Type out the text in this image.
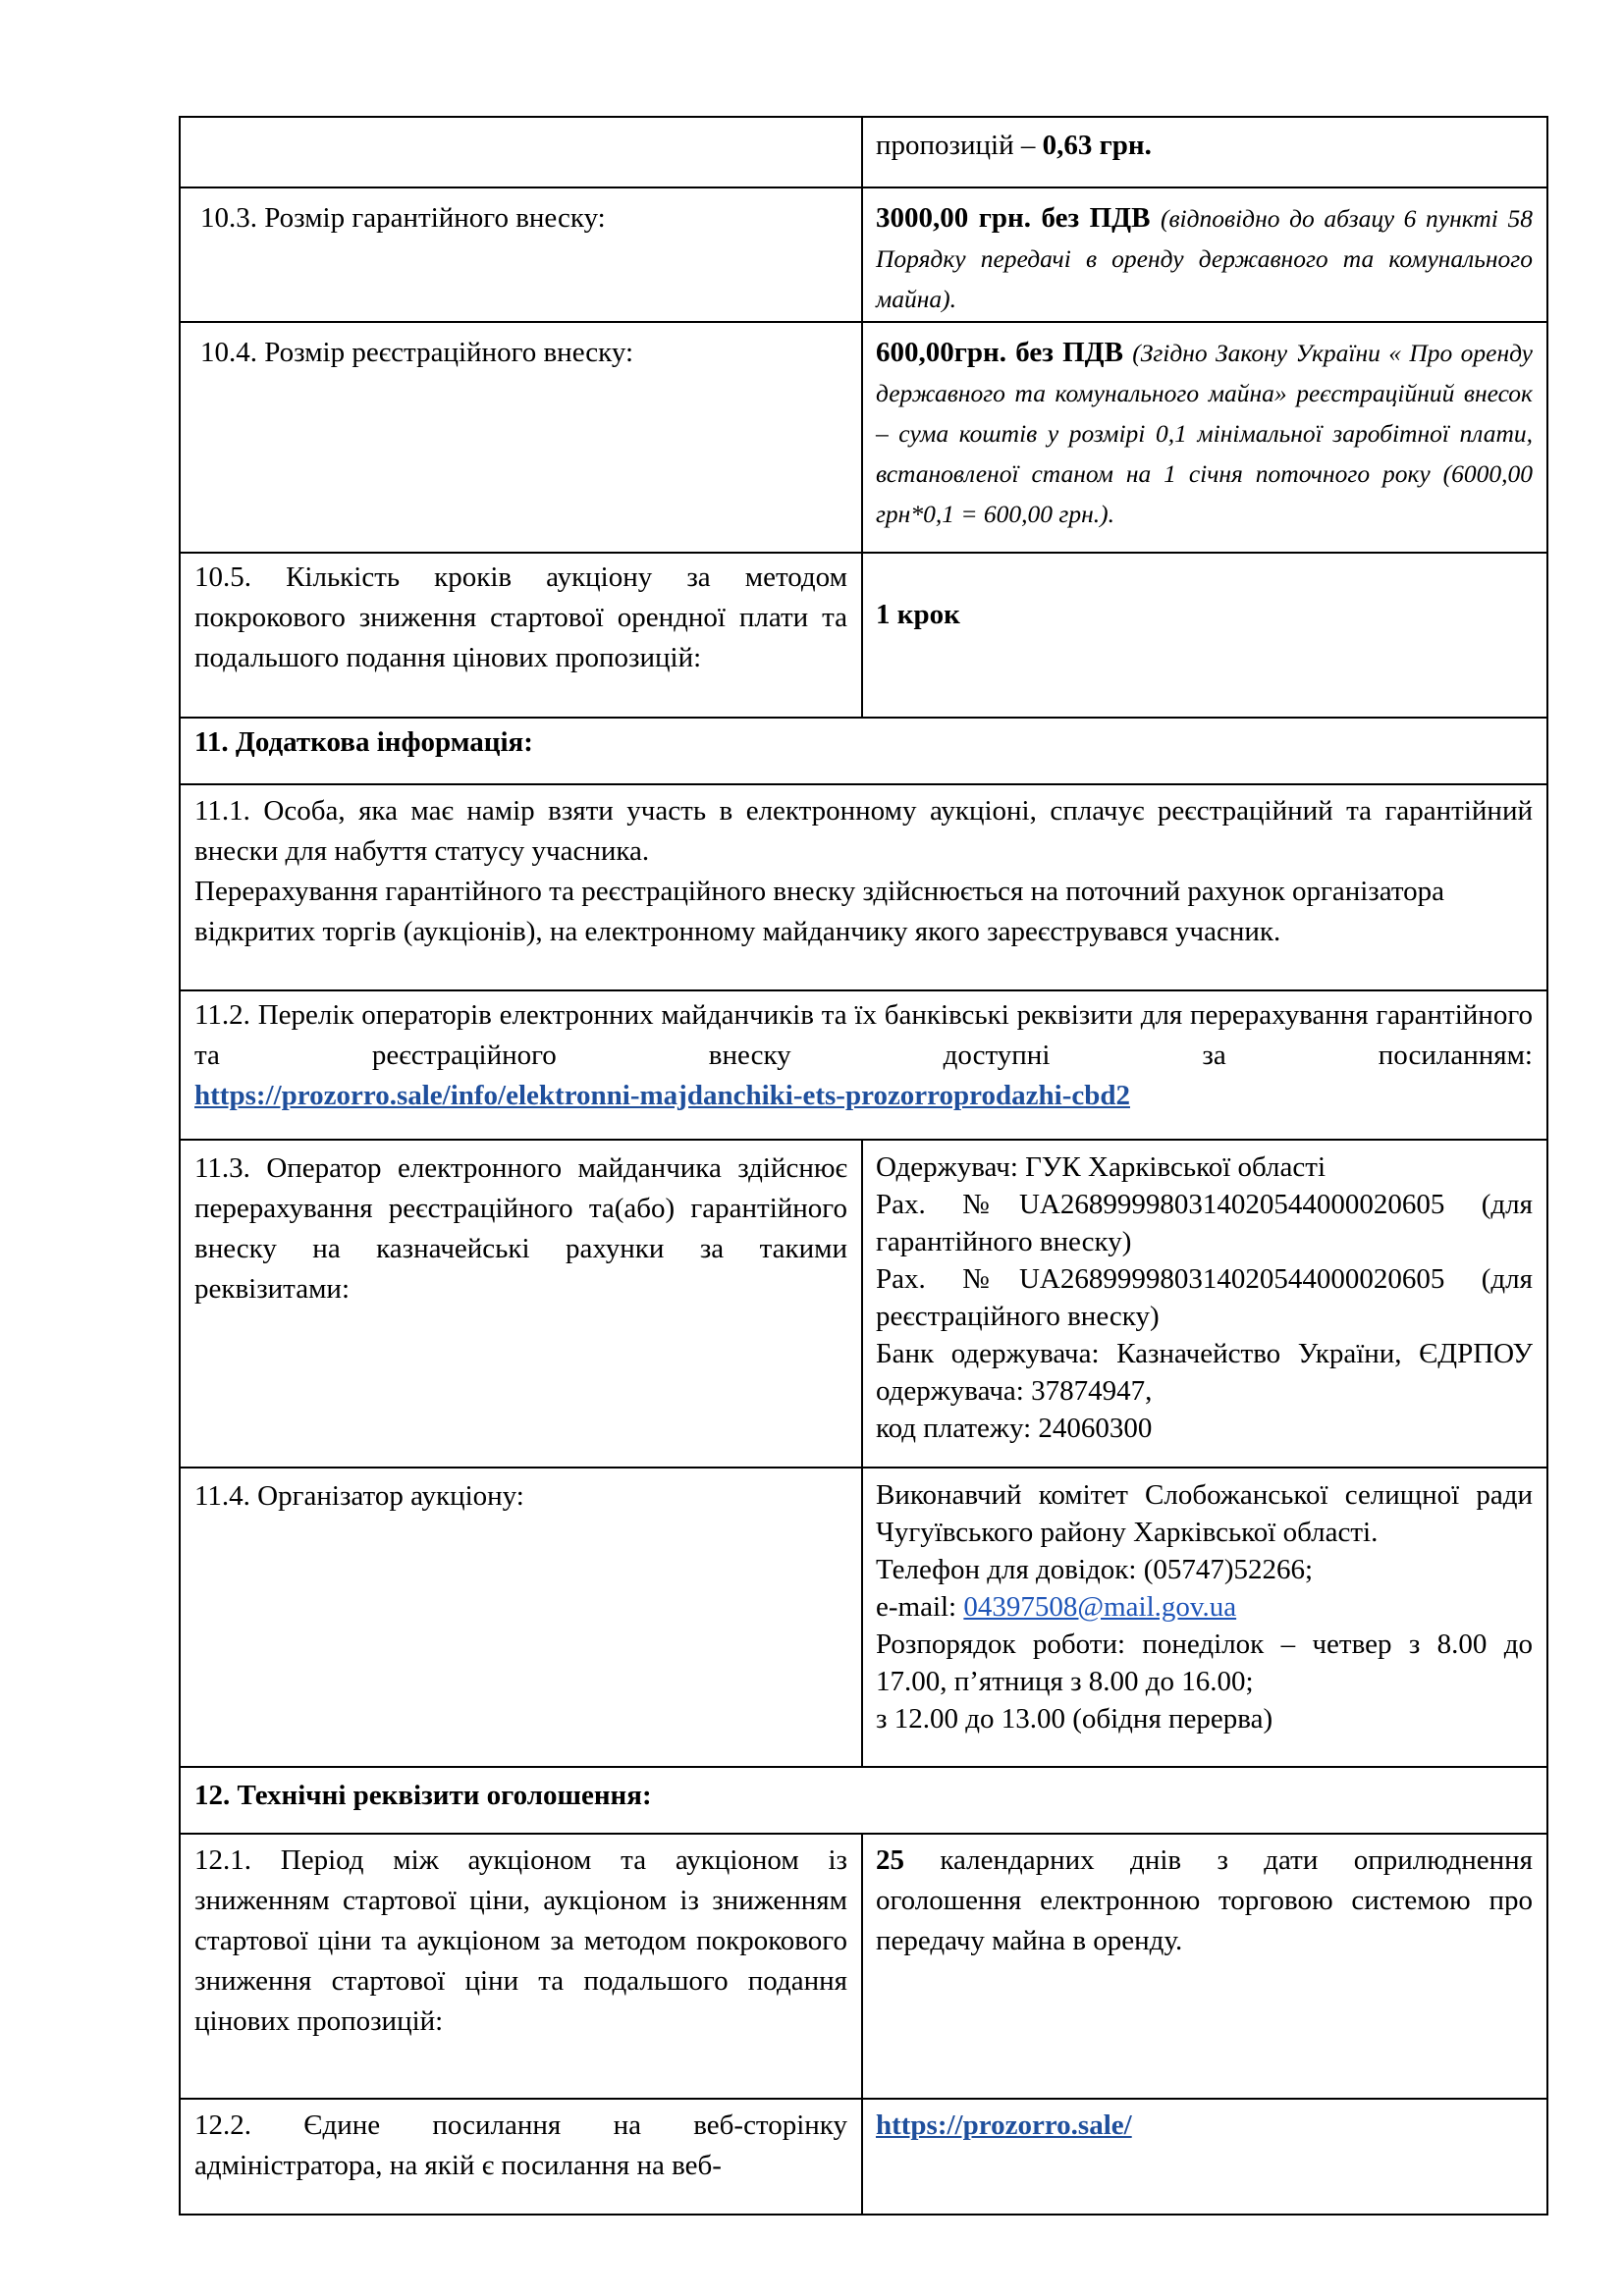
	пропозицій – 0,63 грн.

10.3. Розмір гарантійного внеску:	3000,00 грн. без ПДВ (відповідно до абзацу 6 пункті 58 Порядку передачі в оренду державного та комунального майна).

10.4. Розмір реєстраційного внеску:	600,00грн. без ПДВ (Згідно Закону України « Про оренду державного та комунального майна» реєстраційний внесок – сума коштів у розмірі 0,1 мінімальної заробітної плати, встановленої станом на 1 січня поточного року (6000,00 грн*0,1 = 600,00 грн.).

10.5. Кількість кроків аукціону за методом покрокового зниження стартової орендної плати та подальшого подання цінових пропозицій:	1 крок
11. Додаткова інформація:	

11.1. Особа, яка має намір взяти участь в електронному аукціоні, сплачує реєстраційний та гарантійний внески для набуття статусу учасника.
Перерахування гарантійного та реєстраційного внеску здійснюється на поточний рахунок організатора відкритих торгів (аукціонів), на електронному майданчику якого зареєструвався учасник.	

11.2. Перелік операторів електронних майданчиків та їх банківські реквізити для перерахування гарантійного та реєстраційного внеску доступні за посиланням:
https://prozorro.sale/info/elektronni-majdanchiki-ets-prozorroprodazhi-cbd2	

11.3. Оператор електронного майданчика здійснює перерахування реєстраційного та(або) гарантійного внеску на казначейські рахунки за такими реквізитами:	Одержувач: ГУК Харківської області
Рах. №UA268999980314020544000020605 (для гарантійного внеску)
Рах. №UA268999980314020544000020605 (для реєстраційного внеску)
Банк одержувача: Казначейство України, ЄДРПОУ одержувача: 37874947,
код платежу: 24060300

11.4. Організатор аукціону:	Виконавчий комітет Слобожанської селищної ради Чугуївського району Харківської області.
Телефон для довідок: (05747)52266;
e-mail: 04397508@mail.gov.ua
Розпорядок роботи: понеділок – четвер з 8.00 до 17.00, п’ятниця з 8.00 до 16.00;
з 12.00 до 13.00 (обідня перерва)

12. Технічні реквізити оголошення:	

12.1. Період між аукціоном та аукціоном із зниженням стартової ціни, аукціоном із зниженням стартової ціни та аукціоном за методом покрокового зниження стартової ціни та подальшого подання цінових пропозицій:	25 календарних днів з дати оприлюднення оголошення електронною торговою системою про передачу майна в оренду.

12.2. Єдине посилання на веб-сторінку адміністратора, на якій є посилання на веб-	https://prozorro.sale/
